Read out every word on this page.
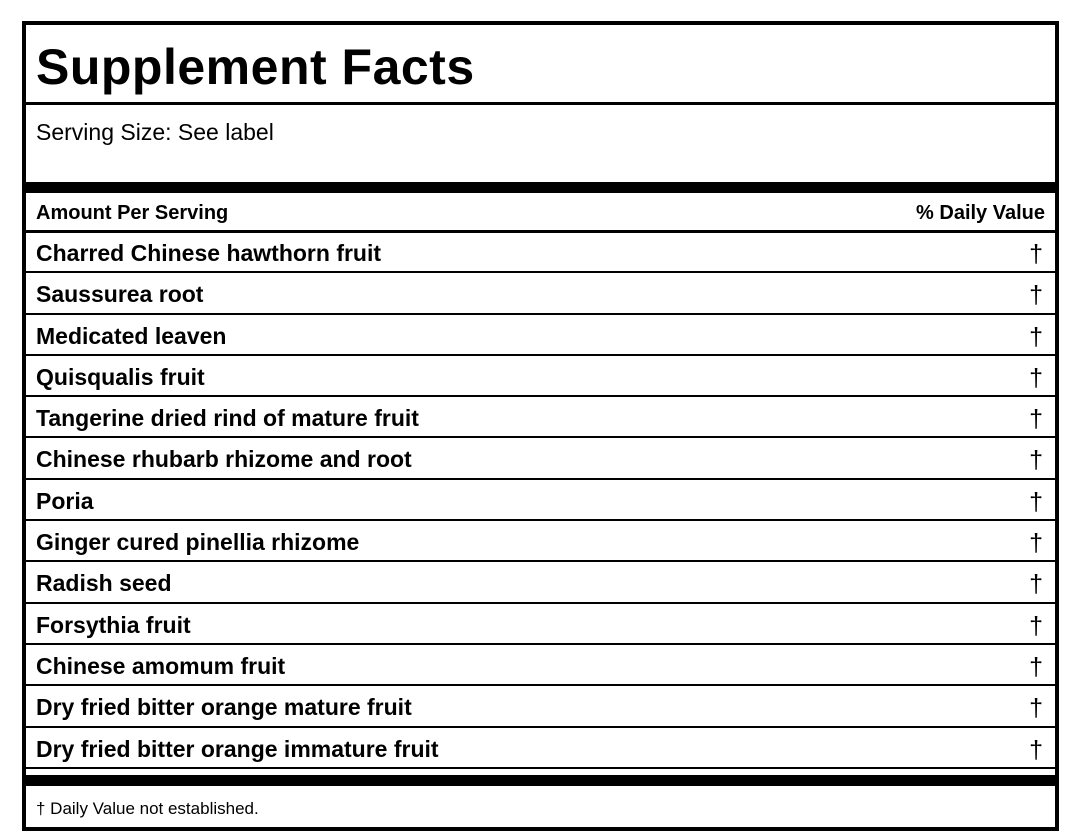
Supplement Facts
Serving Size: See label
Amount Per Serving	% Daily Value
Charred Chinese hawthorn fruit	†
Saussurea root	†
Medicated leaven	†
Quisqualis fruit	†
Tangerine dried rind of mature fruit	†
Chinese rhubarb rhizome and root	†
Poria	†
Ginger cured pinellia rhizome	†
Radish seed	†
Forsythia fruit	†
Chinese amomum fruit	†
Dry fried bitter orange mature fruit	†
Dry fried bitter orange immature fruit	†
† Daily Value not established.
